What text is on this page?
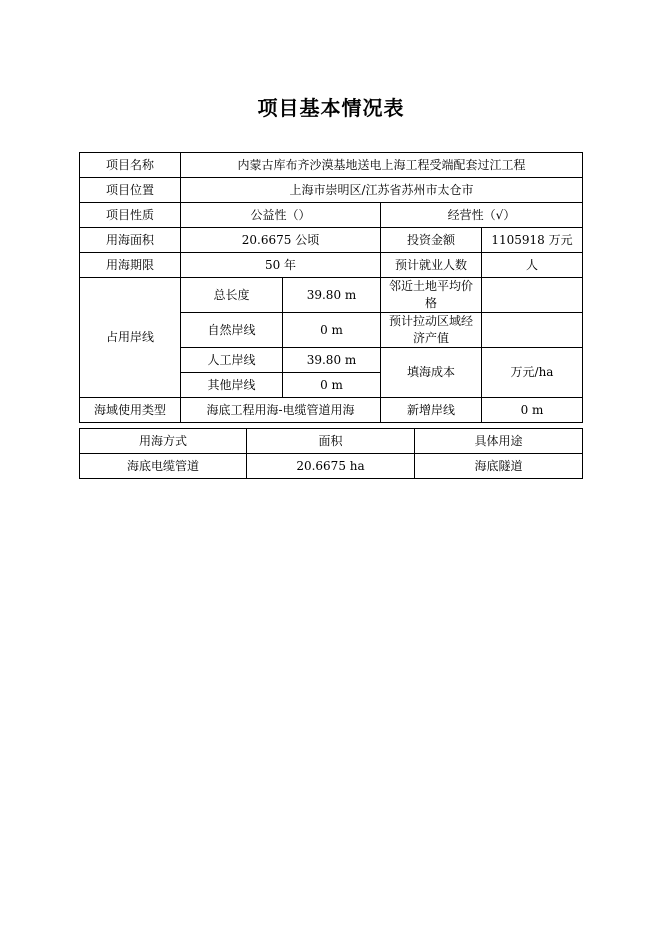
项目基本情况表
项目名称	内蒙古库布齐沙漠基地送电上海工程受端配套过江工程			
项目位置	上海市崇明区/江苏省苏州市太仓市			
项目性质	公益性（）		经营性（√）	
用海面积	20.6675 公顷		投资金额	1105918 万元
用海期限	50 年		预计就业人数	人
占用岸线	总长度	39.80 m	邻近土地平均价格	
	自然岸线	0 m	预计拉动区域经济产值	
	人工岸线	39.80 m	填海成本	万元/ha
	其他岸线	0 m		
海域使用类型	海底工程用海-电缆管道用海		新增岸线	0 m
用海方式	面积	具体用途
海底电缆管道	20.6675 ha	海底隧道
